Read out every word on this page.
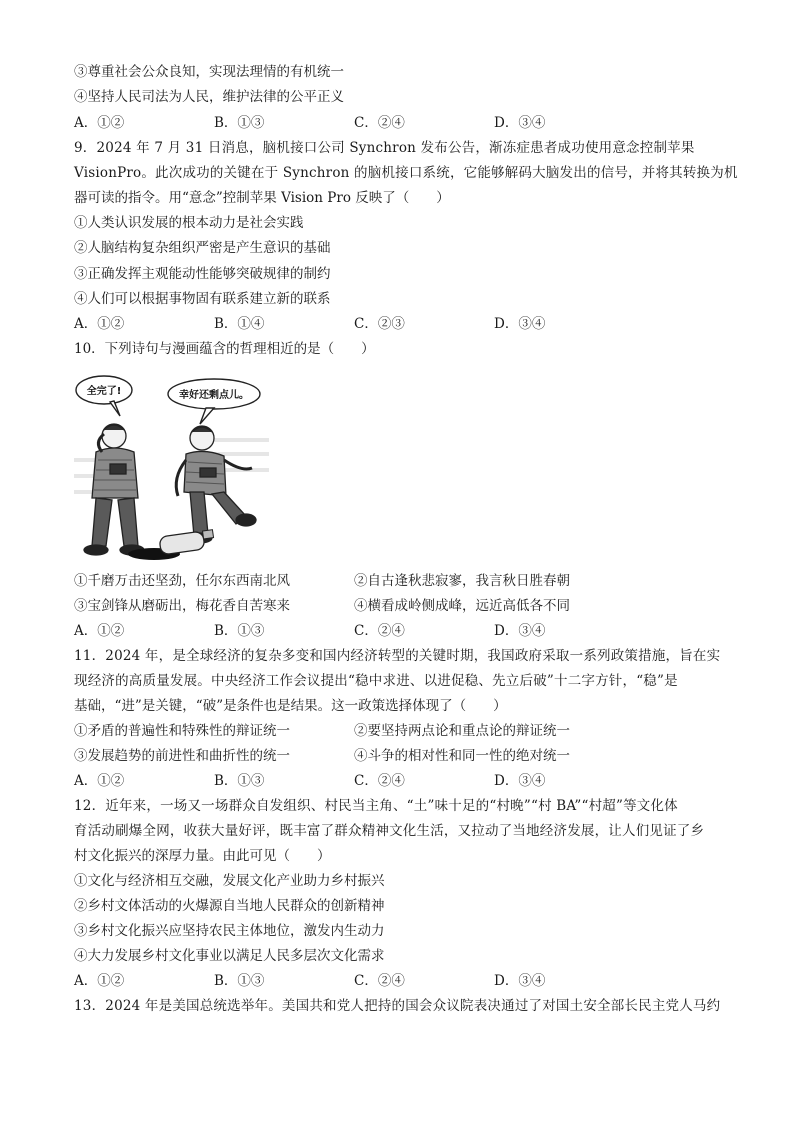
③尊重社会公众良知，实现法理情的有机统一
④坚持人民司法为人民，维护法律的公平正义
A．①②	B．①③	C．②④	D．③④
9．2024 年 7 月 31 日消息，脑机接口公司 Synchron 发布公告，渐冻症患者成功使用意念控制苹果
VisionPro。此次成功的关键在于 Synchron 的脑机接口系统，它能够解码大脑发出的信号，并将其转换为机
器可读的指令。用“意念”控制苹果 Vision Pro 反映了（　　）
①人类认识发展的根本动力是社会实践
②人脑结构复杂组织严密是产生意识的基础
③正确发挥主观能动性能够突破规律的制约
④人们可以根据事物固有联系建立新的联系
A．①②	B．①④	C．②③	D．③④
10．下列诗句与漫画蕴含的哲理相近的是（　　）
全完了!	幸好还剩点儿。
①千磨万击还坚劲，任尔东西南北风	②自古逢秋悲寂寥，我言秋日胜春朝
③宝剑锋从磨砺出，梅花香自苦寒来	④横看成岭侧成峰，远近高低各不同
A．①②	B．①③	C．②④	D．③④
11．2024 年，是全球经济的复杂多变和国内经济转型的关键时期，我国政府采取一系列政策措施，旨在实
现经济的高质量发展。中央经济工作会议提出“稳中求进、以进促稳、先立后破”十二字方针，“稳”是
基础，“进”是关键，“破”是条件也是结果。这一政策选择体现了（　　）
①矛盾的普遍性和特殊性的辩证统一	②要坚持两点论和重点论的辩证统一
③发展趋势的前进性和曲折性的统一	④斗争的相对性和同一性的绝对统一
A．①②	B．①③	C．②④	D．③④
12．近年来，一场又一场群众自发组织、村民当主角、“土”味十足的“村晚”“村 BA”“村超”等文化体
育活动刷爆全网，收获大量好评，既丰富了群众精神文化生活，又拉动了当地经济发展，让人们见证了乡
村文化振兴的深厚力量。由此可见（　　）
①文化与经济相互交融，发展文化产业助力乡村振兴
②乡村文体活动的火爆源自当地人民群众的创新精神
③乡村文化振兴应坚持农民主体地位，激发内生动力
④大力发展乡村文化事业以满足人民多层次文化需求
A．①②	B．①③	C．②④	D．③④
13．2024 年是美国总统选举年。美国共和党人把持的国会众议院表决通过了对国土安全部长民主党人马约
